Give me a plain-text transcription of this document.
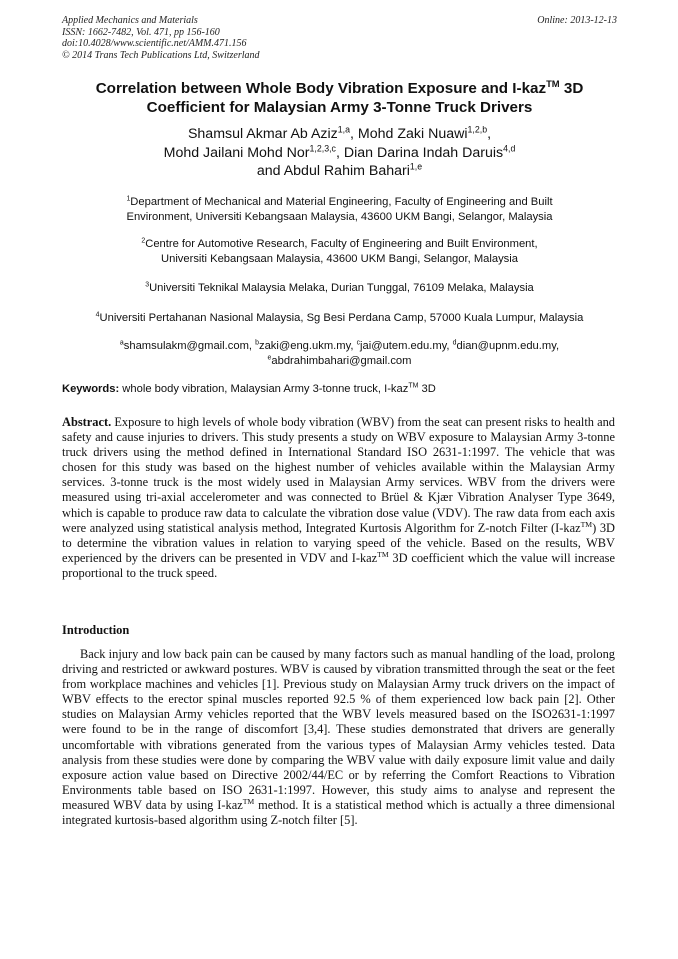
Applied Mechanics and Materials
ISSN: 1662-7482, Vol. 471, pp 156-160
doi:10.4028/www.scientific.net/AMM.471.156
© 2014 Trans Tech Publications Ltd, Switzerland
Online: 2013-12-13
Correlation between Whole Body Vibration Exposure and I-kaz™ 3D
Coefficient for Malaysian Army 3-Tonne Truck Drivers
Shamsul Akmar Ab Aziz$^{1,a}$, Mohd Zaki Nuawi$^{1,2,b}$,
Mohd Jailani Mohd Nor$^{1,2,3,c}$, Dian Darina Indah Daruis$^{4,d}$
and Abdul Rahim Bahari$^{1,e}$
$^1$Department of Mechanical and Material Engineering, Faculty of Engineering and Built
Environment, Universiti Kebangsaan Malaysia, 43600 UKM Bangi, Selangor, Malaysia
$^2$Centre for Automotive Research, Faculty of Engineering and Built Environment,
Universiti Kebangsaan Malaysia, 43600 UKM Bangi, Selangor, Malaysia
$^3$Universiti Teknikal Malaysia Melaka, Durian Tunggal, 76109 Melaka, Malaysia
$^4$Universiti Pertahanan Nasional Malaysia, Sg Besi Perdana Camp, 57000 Kuala Lumpur, Malaysia
$^a$shamsulakm@gmail.com, $^b$zaki@eng.ukm.my, $^c$jai@utem.edu.my, $^d$dian@upnm.edu.my,
$^e$abdrahimbahari@gmail.com
Keywords: whole body vibration, Malaysian Army 3-tonne truck, I-kaz™ 3D

Abstract. Exposure to high levels of whole body vibration (WBV) from the seat can present risks to health and safety and cause injuries to drivers. This study presents a study on WBV exposure to Malaysian Army 3-tonne truck drivers using the method defined in International Standard ISO 2631-1:1997. The vehicle that was chosen for this study was based on the highest number of vehicles available within the Malaysian Army services. 3-tonne truck is the most widely used in Malaysian Army services. WBV from the drivers were measured using tri-axial accelerometer and was connected to Brüel & Kjær Vibration Analyser Type 3649, which is capable to produce raw data to calculate the vibration dose value (VDV). The raw data from each axis were analyzed using statistical analysis method, Integrated Kurtosis Algorithm for Z-notch Filter (I-kaz™) 3D to determine the vibration values in relation to varying speed of the vehicle. Based on the results, WBV experienced by the drivers can be presented in VDV and I-kaz™ 3D coefficient which the value will increase proportional to the truck speed.

Introduction

Back injury and low back pain can be caused by many factors such as manual handling of the load, prolong driving and restricted or awkward postures. WBV is caused by vibration transmitted through the seat or the feet from workplace machines and vehicles [1]. Previous study on Malaysian Army truck drivers on the impact of WBV effects to the erector spinal muscles reported 92.5 % of them experienced low back pain [2]. Other studies on Malaysian Army vehicles reported that the WBV levels measured based on the ISO2631-1:1997 were found to be in the range of discomfort [3,4]. These studies demonstrated that drivers are generally uncomfortable with vibrations generated from the various types of Malaysian Army vehicles tested. Data analysis from these studies were done by comparing the WBV value with daily exposure limit value and daily exposure action value based on Directive 2002/44/EC or by referring the Comfort Reactions to Vibration Environments table based on ISO 2631-1:1997. However, this study aims to analyse and represent the measured WBV data by using I-kaz™ method. It is a statistical method which is actually a three dimensional integrated kurtosis-based algorithm using Z-notch filter [5].
